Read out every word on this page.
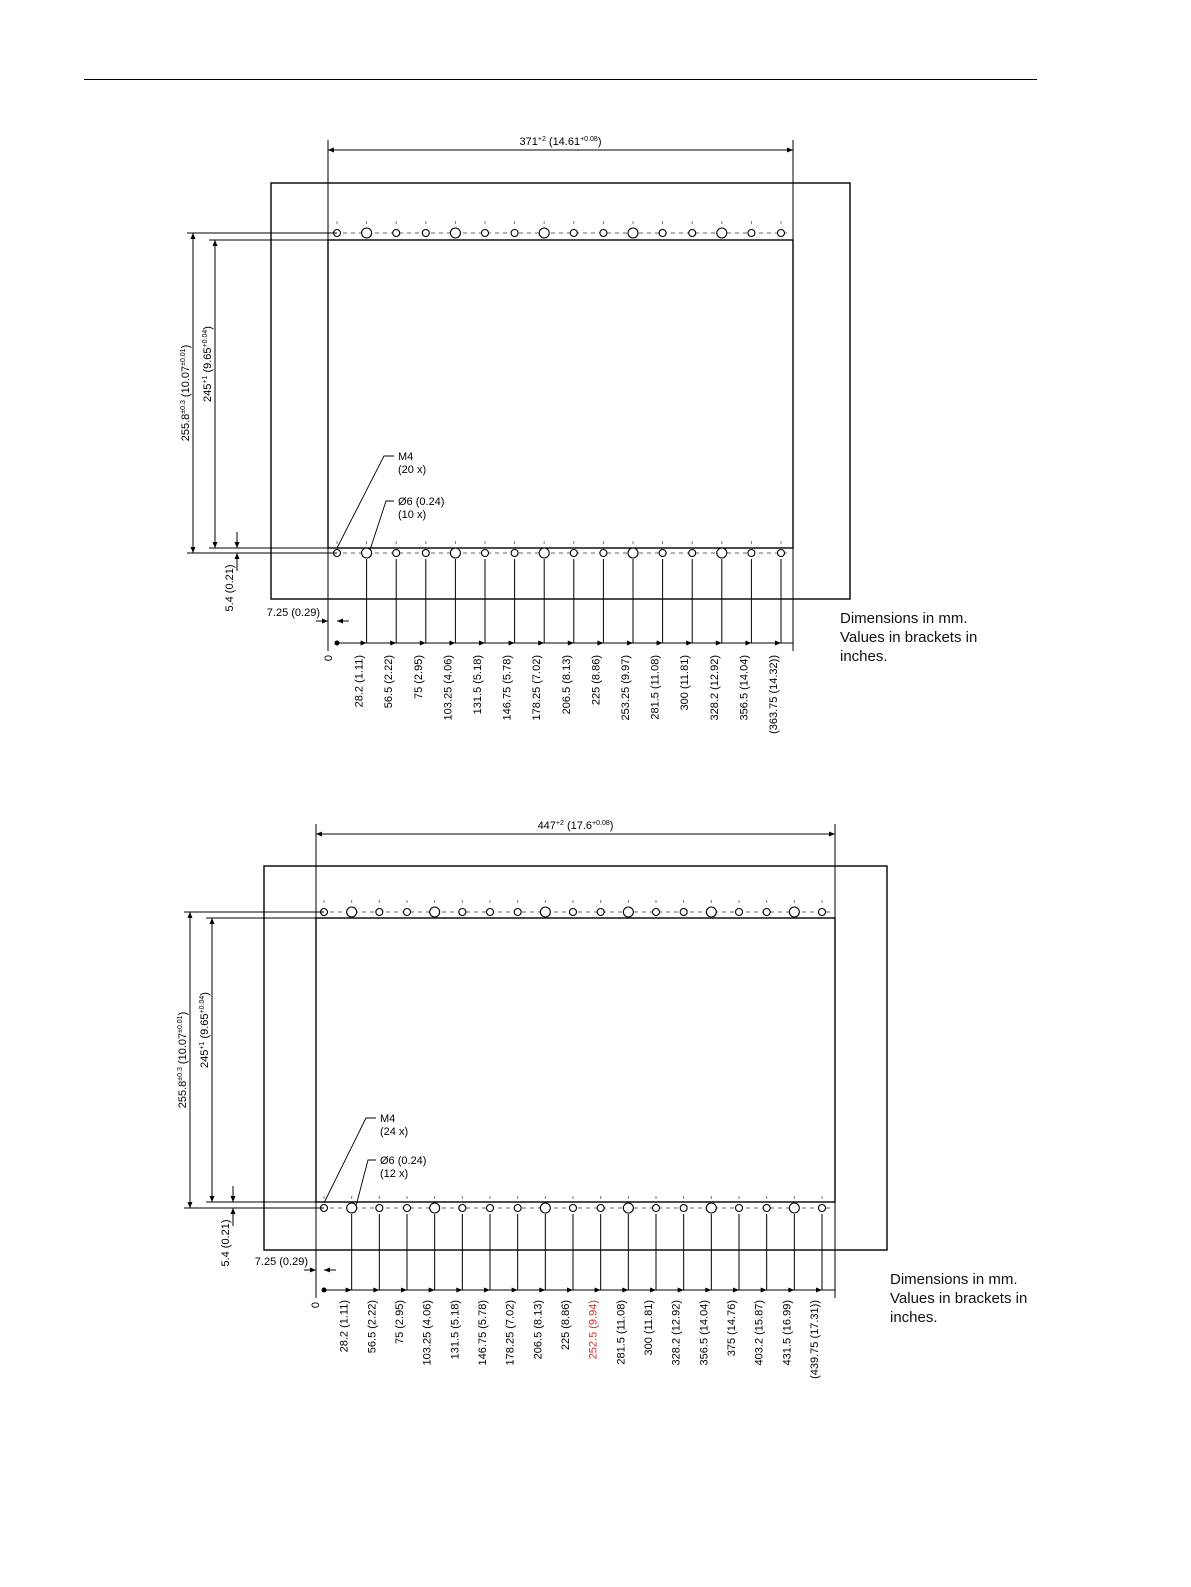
$371^{+2}$ $(14.61^{+0.08})$
$255.8^{\pm 0.3}$ $(10.07^{\pm 0.01})$
$245^{+1}$ $(9.65^{+0.04})$
5.4 (0.21)
7.25 (0.29)
M4
(20 x)
Ø6 (0.24)
(10 x)
0 28.2 (1.11) 56.5 (2.22) 75 (2.95) 103.25 (4.06) 131.5 (5.18) 146.75 (5.78) 178.25 (7.02) 206.5 (8.13) 225 (8.86) 253.25 (9.97) 281.5 (11.08) 300 (11.81) 328.2 (12.92) 356.5 (14.04) (363.75 (14.32))
$447^{+2}$ $(17.6^{+0.08})$
$255.8^{\pm 0.3}$ $(10.07^{\pm 0.01})$
$245^{+1}$ $(9.65^{+0.04})$
5.4 (0.21) 7.25 (0.29)
M4
(24 x)
Ø6 (0.24)
(12 x)
0 28.2 (1.11) 56.5 (2.22) 75 (2.95) 103.25 (4.06) 131.5 (5.18) 146.75 (5.78) 178.25 (7.02) 206.5 (8.13) 225 (8.86) 252.5 (9.94) 281.5 (11.08) 300 (11.81) 328.2 (12.92) 356.5 (14.04) 375 (14.76) 403.2 (15.87) 431.5 (16.99) (439.75 (17.31))
Dimensions in mm.
Values in brackets in
inches.
Dimensions in mm.
Values in brackets in
inches.
